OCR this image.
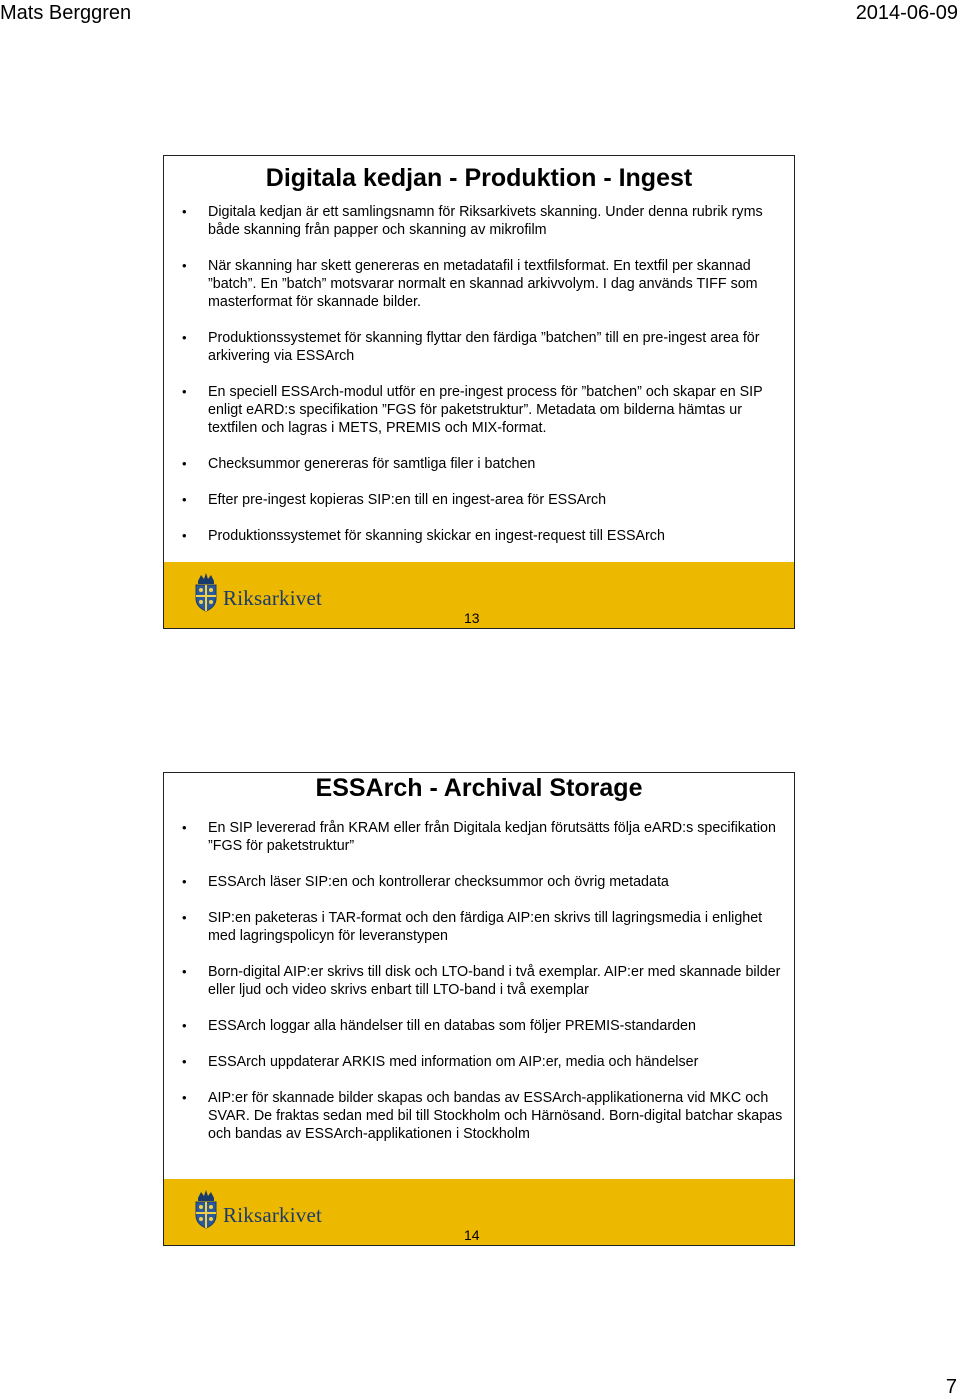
Mats Berggren	2014-06-09
Digitala kedjan - Produktion - Ingest
• Digitala kedjan är ett samlingsnamn för Riksarkivets skanning. Under denna rubrik ryms både skanning från papper och skanning av mikrofilm
• När skanning har skett genereras en metadatafil i textfilsformat. En textfil per skannad ”batch”. En ”batch” motsvarar normalt en skannad arkivvolym. I dag används TIFF som masterformat för skannade bilder.
• Produktionssystemet för skanning flyttar den färdiga ”batchen” till en pre-ingest area för arkivering via ESSArch
• En speciell ESSArch-modul utför en pre-ingest process för ”batchen” och skapar en SIP enligt eARD:s specifikation ”FGS för paketstruktur”. Metadata om bilderna hämtas ur textfilen och lagras i METS, PREMIS och MIX-format.
• Checksummor genereras för samtliga filer i batchen
• Efter pre-ingest kopieras SIP:en till en ingest-area för ESSArch
• Produktionssystemet för skanning skickar en ingest-request till ESSArch
Riksarkivet
13
ESSArch - Archival Storage
• En SIP levererad från KRAM eller från Digitala kedjan förutsätts följa eARD:s specifikation ”FGS för paketstruktur”
• ESSArch läser SIP:en och kontrollerar checksummor och övrig metadata
• SIP:en paketeras i TAR-format och den färdiga AIP:en skrivs till lagringsmedia i enlighet med lagringspolicyn för leveranstypen
• Born-digital AIP:er skrivs till disk och LTO-band i två exemplar. AIP:er med skannade bilder eller ljud och video skrivs enbart till LTO-band i två exemplar
• ESSArch loggar alla händelser till en databas som följer PREMIS-standarden
• ESSArch uppdaterar ARKIS med information om AIP:er, media och händelser
• AIP:er för skannade bilder skapas och bandas av ESSArch-applikationerna vid MKC och SVAR. De fraktas sedan med bil till Stockholm och Härnösand. Born-digital batchar skapas och bandas av ESSArch-applikationen i Stockholm
Riksarkivet
14
7
